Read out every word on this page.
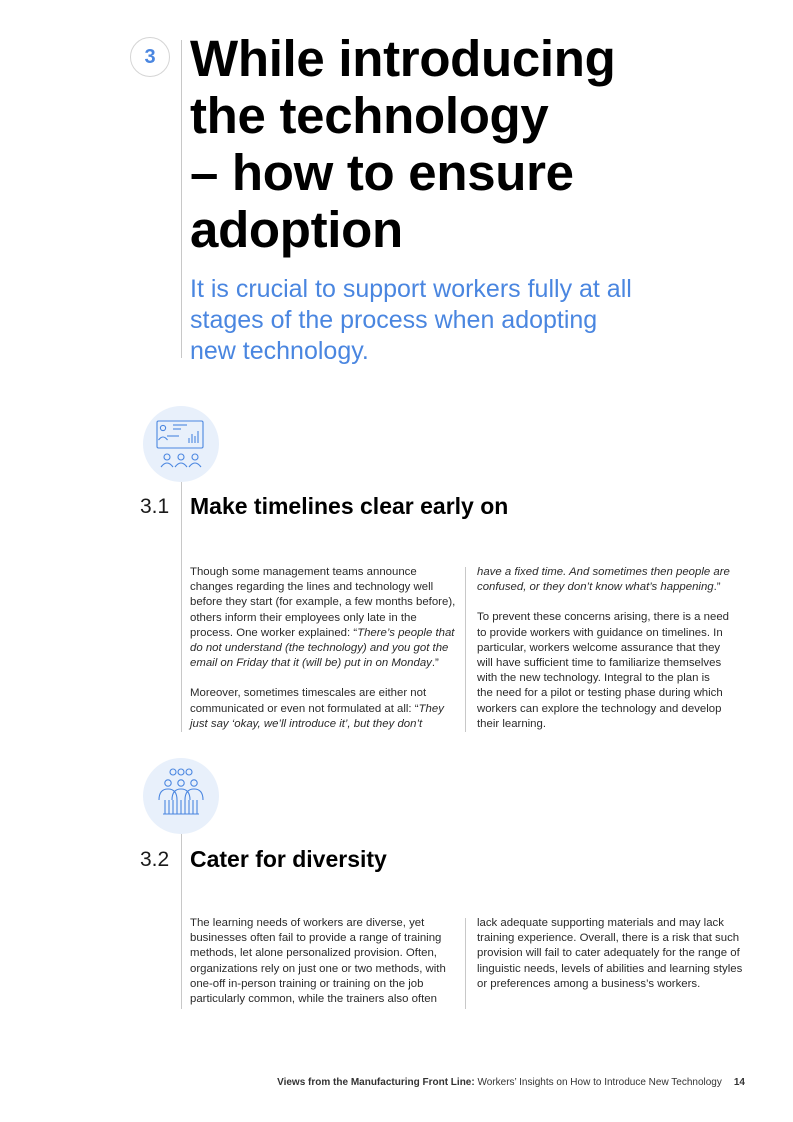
3 While introducing
the technology
– how to ensure
adoption
It is crucial to support workers fully at all
stages of the process when adopting
new technology.
3.1 Make timelines clear early on

Though some management teams announce
changes regarding the lines and technology well
before they start (for example, a few months before),
others inform their employees only late in the
process. One worker explained: “There’s people that
do not understand (the technology) and you got the
email on Friday that it (will be) put in on Monday.”

Moreover, sometimes timescales are either not
communicated or even not formulated at all: “They
just say ‘okay, we’ll introduce it’, but they don’t

have a fixed time. And sometimes then people are
confused, or they don’t know what’s happening.”

To prevent these concerns arising, there is a need
to provide workers with guidance on timelines. In
particular, workers welcome assurance that they
will have sufficient time to familiarize themselves
with the new technology. Integral to the plan is
the need for a pilot or testing phase during which
workers can explore the technology and develop
their learning.

3.2 Cater for diversity

The learning needs of workers are diverse, yet
businesses often fail to provide a range of training
methods, let alone personalized provision. Often,
organizations rely on just one or two methods, with
one-off in-person training or training on the job
particularly common, while the trainers also often

lack adequate supporting materials and may lack
training experience. Overall, there is a risk that such
provision will fail to cater adequately for the range of
linguistic needs, levels of abilities and learning styles
or preferences among a business’s workers.

Views from the Manufacturing Front Line: Workers’ Insights on How to Introduce New Technology 14
